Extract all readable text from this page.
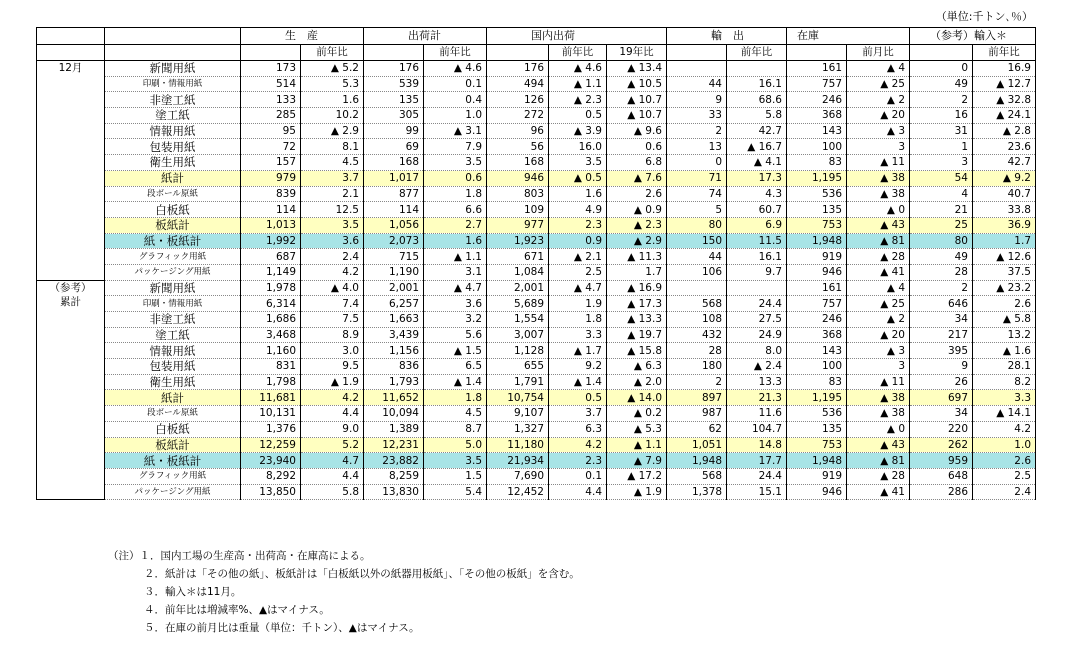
（単位:千トン､％）
		生　産		出荷計		国内出荷			輸　出		在庫		（参考）輸入＊	
			前年比		前年比		前年比	19年比		前年比		前月比		前年比

12月	新聞用紙	173	▲ 5.2	176	▲ 4.6	176	▲ 4.6	▲ 13.4			161	▲ 4	0	16.9
	印刷・情報用紙	514	5.3	539	0.1	494	▲ 1.1	▲ 10.5	44	16.1	757	▲ 25	49	▲ 12.7
	非塗工紙	133	1.6	135	0.4	126	▲ 2.3	▲ 10.7	9	68.6	246	▲ 2	2	▲ 32.8
	塗工紙	285	10.2	305	1.0	272	0.5	▲ 10.7	33	5.8	368	▲ 20	16	▲ 24.1
	情報用紙	95	▲ 2.9	99	▲ 3.1	96	▲ 3.9	▲ 9.6	2	42.7	143	▲ 3	31	▲ 2.8
	包装用紙	72	8.1	69	7.9	56	16.0	0.6	13	▲ 16.7	100	3	1	23.6
	衛生用紙	157	4.5	168	3.5	168	3.5	6.8	0	▲ 4.1	83	▲ 11	3	42.7
	紙計	979	3.7	1,017	0.6	946	▲ 0.5	▲ 7.6	71	17.3	1,195	▲ 38	54	▲ 9.2
	段ボール原紙	839	2.1	877	1.8	803	1.6	2.6	74	4.3	536	▲ 38	4	40.7
	白板紙	114	12.5	114	6.6	109	4.9	▲ 0.9	5	60.7	135	▲ 0	21	33.8
	板紙計	1,013	3.5	1,056	2.7	977	2.3	▲ 2.3	80	6.9	753	▲ 43	25	36.9
	紙・板紙計	1,992	3.6	2,073	1.6	1,923	0.9	▲ 2.9	150	11.5	1,948	▲ 81	80	1.7
	グラフィック用紙	687	2.4	715	▲ 1.1	671	▲ 2.1	▲ 11.3	44	16.1	919	▲ 28	49	▲ 12.6
	パッケージング用紙	1,149	4.2	1,190	3.1	1,084	2.5	1.7	106	9.7	946	▲ 41	28	37.5

（参考）
累計	新聞用紙	1,978	▲ 4.0	2,001	▲ 4.7	2,001	▲ 4.7	▲ 16.9			161	▲ 4	2	▲ 23.2
	印刷・情報用紙	6,314	7.4	6,257	3.6	5,689	1.9	▲ 17.3	568	24.4	757	▲ 25	646	2.6
	非塗工紙	1,686	7.5	1,663	3.2	1,554	1.8	▲ 13.3	108	27.5	246	▲ 2	34	▲ 5.8
	塗工紙	3,468	8.9	3,439	5.6	3,007	3.3	▲ 19.7	432	24.9	368	▲ 20	217	13.2
	情報用紙	1,160	3.0	1,156	▲ 1.5	1,128	▲ 1.7	▲ 15.8	28	8.0	143	▲ 3	395	▲ 1.6
	包装用紙	831	9.5	836	6.5	655	9.2	▲ 6.3	180	▲ 2.4	100	3	9	28.1
	衛生用紙	1,798	▲ 1.9	1,793	▲ 1.4	1,791	▲ 1.4	▲ 2.0	2	13.3	83	▲ 11	26	8.2
	紙計	11,681	4.2	11,652	1.8	10,754	0.5	▲ 14.0	897	21.3	1,195	▲ 38	697	3.3
	段ボール原紙	10,131	4.4	10,094	4.5	9,107	3.7	▲ 0.2	987	11.6	536	▲ 38	34	▲ 14.1
	白板紙	1,376	9.0	1,389	8.7	1,327	6.3	▲ 5.3	62	104.7	135	▲ 0	220	4.2
	板紙計	12,259	5.2	12,231	5.0	11,180	4.2	▲ 1.1	1,051	14.8	753	▲ 43	262	1.0
	紙・板紙計	23,940	4.7	23,882	3.5	21,934	2.3	▲ 7.9	1,948	17.7	1,948	▲ 81	959	2.6
	グラフィック用紙	8,292	4.4	8,259	1.5	7,690	0.1	▲ 17.2	568	24.4	919	▲ 28	648	2.5
	パッケージング用紙	13,850	5.8	13,830	5.4	12,452	4.4	▲ 1.9	1,378	15.1	946	▲ 41	286	2.4
（注）１．国内工場の生産高・出荷高・在庫高による。
２．紙計は「その他の紙」、板紙計は「白板紙以外の紙器用板紙」、「その他の板紙」を含む。
３．輸入＊は11月。
４．前年比は増減率%、▲はマイナス。
５．在庫の前月比は重量（単位：千トン）、▲はマイナス。
